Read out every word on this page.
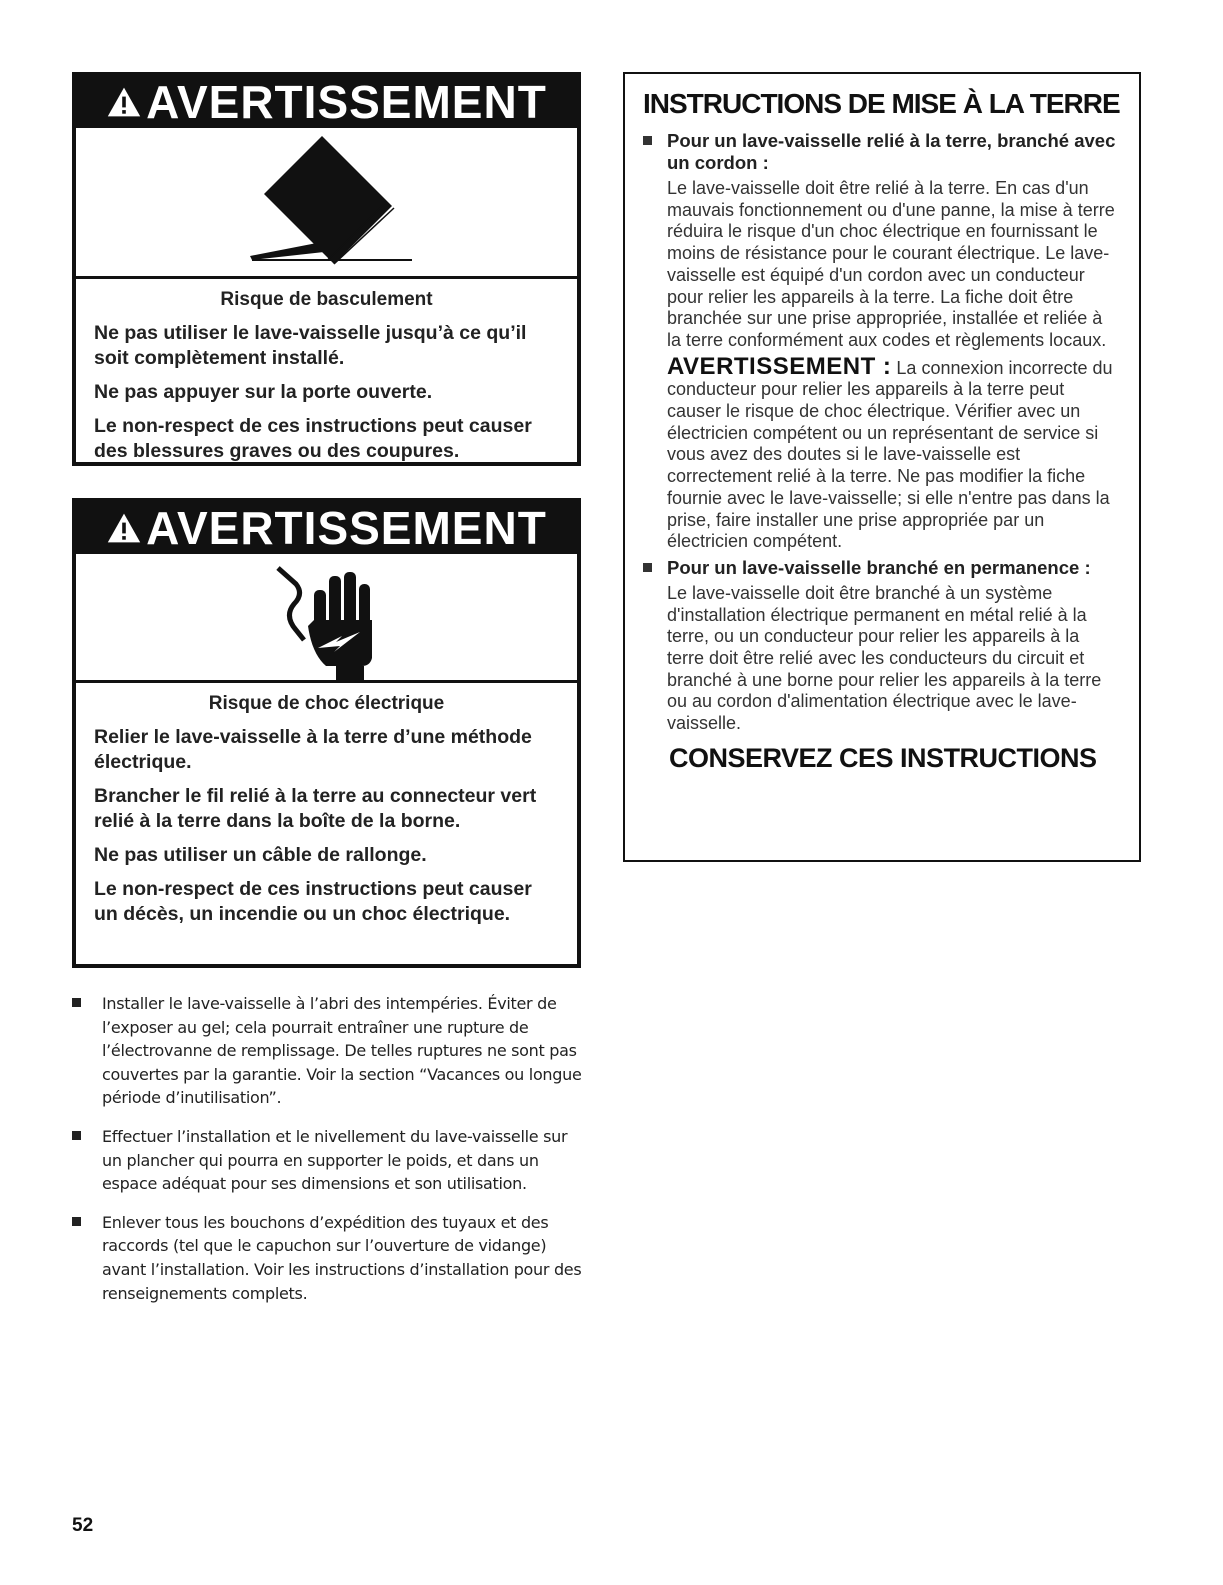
AVERTISSEMENT
Risque de basculement

Ne pas utiliser le lave-vaisselle jusqu’à ce qu’il soit complètement installé.

Ne pas appuyer sur la porte ouverte.

Le non-respect de ces instructions peut causer des blessures graves ou des coupures.

AVERTISSEMENT
Risque de choc électrique

Relier le lave-vaisselle à la terre d’une méthode électrique.

Brancher le fil relié à la terre au connecteur vert relié à la terre dans la boîte de la borne.

Ne pas utiliser un câble de rallonge.

Le non-respect de ces instructions peut causer un décès, un incendie ou un choc électrique.

INSTRUCTIONS DE MISE À LA TERRE
Pour un lave-vaisselle relié à la terre, branché avec un cordon :
Le lave-vaisselle doit être relié à la terre. En cas d'un mauvais fonctionnement ou d'une panne, la mise à terre réduira le risque d'un choc électrique en fournissant le moins de résistance pour le courant électrique. Le lave-vaisselle est équipé d'un cordon avec un conducteur pour relier les appareils à la terre. La fiche doit être branchée sur une prise appropriée, installée et reliée à la terre conformément aux codes et règlements locaux.
AVERTISSEMENT : La connexion incorrecte du conducteur pour relier les appareils à la terre peut causer le risque de choc électrique. Vérifier avec un électricien compétent ou un représentant de service si vous avez des doutes si le lave-vaisselle est correctement relié à la terre. Ne pas modifier la fiche fournie avec le lave-vaisselle; si elle n'entre pas dans la prise, faire installer une prise appropriée par un électricien compétent.
Pour un lave-vaisselle branché en permanence :
Le lave-vaisselle doit être branché à un système d'installation électrique permanent en métal relié à la terre, ou un conducteur pour relier les appareils à la terre doit être relié avec les conducteurs du circuit et branché à une borne pour relier les appareils à la terre ou au cordon d'alimentation électrique avec le lave-vaisselle.
CONSERVEZ CES INSTRUCTIONS
Installer le lave-vaisselle à l’abri des intempéries. Éviter de l’exposer au gel; cela pourrait entraîner une rupture de l’électrovanne de remplissage. De telles ruptures ne sont pas couvertes par la garantie. Voir la section “Vacances ou longue période d’inutilisation”.
Effectuer l’installation et le nivellement du lave-vaisselle sur un plancher qui pourra en supporter le poids, et dans un espace adéquat pour ses dimensions et son utilisation.
Enlever tous les bouchons d’expédition des tuyaux et des raccords (tel que le capuchon sur l’ouverture de vidange) avant l’installation. Voir les instructions d’installation pour des renseignements complets.
52
